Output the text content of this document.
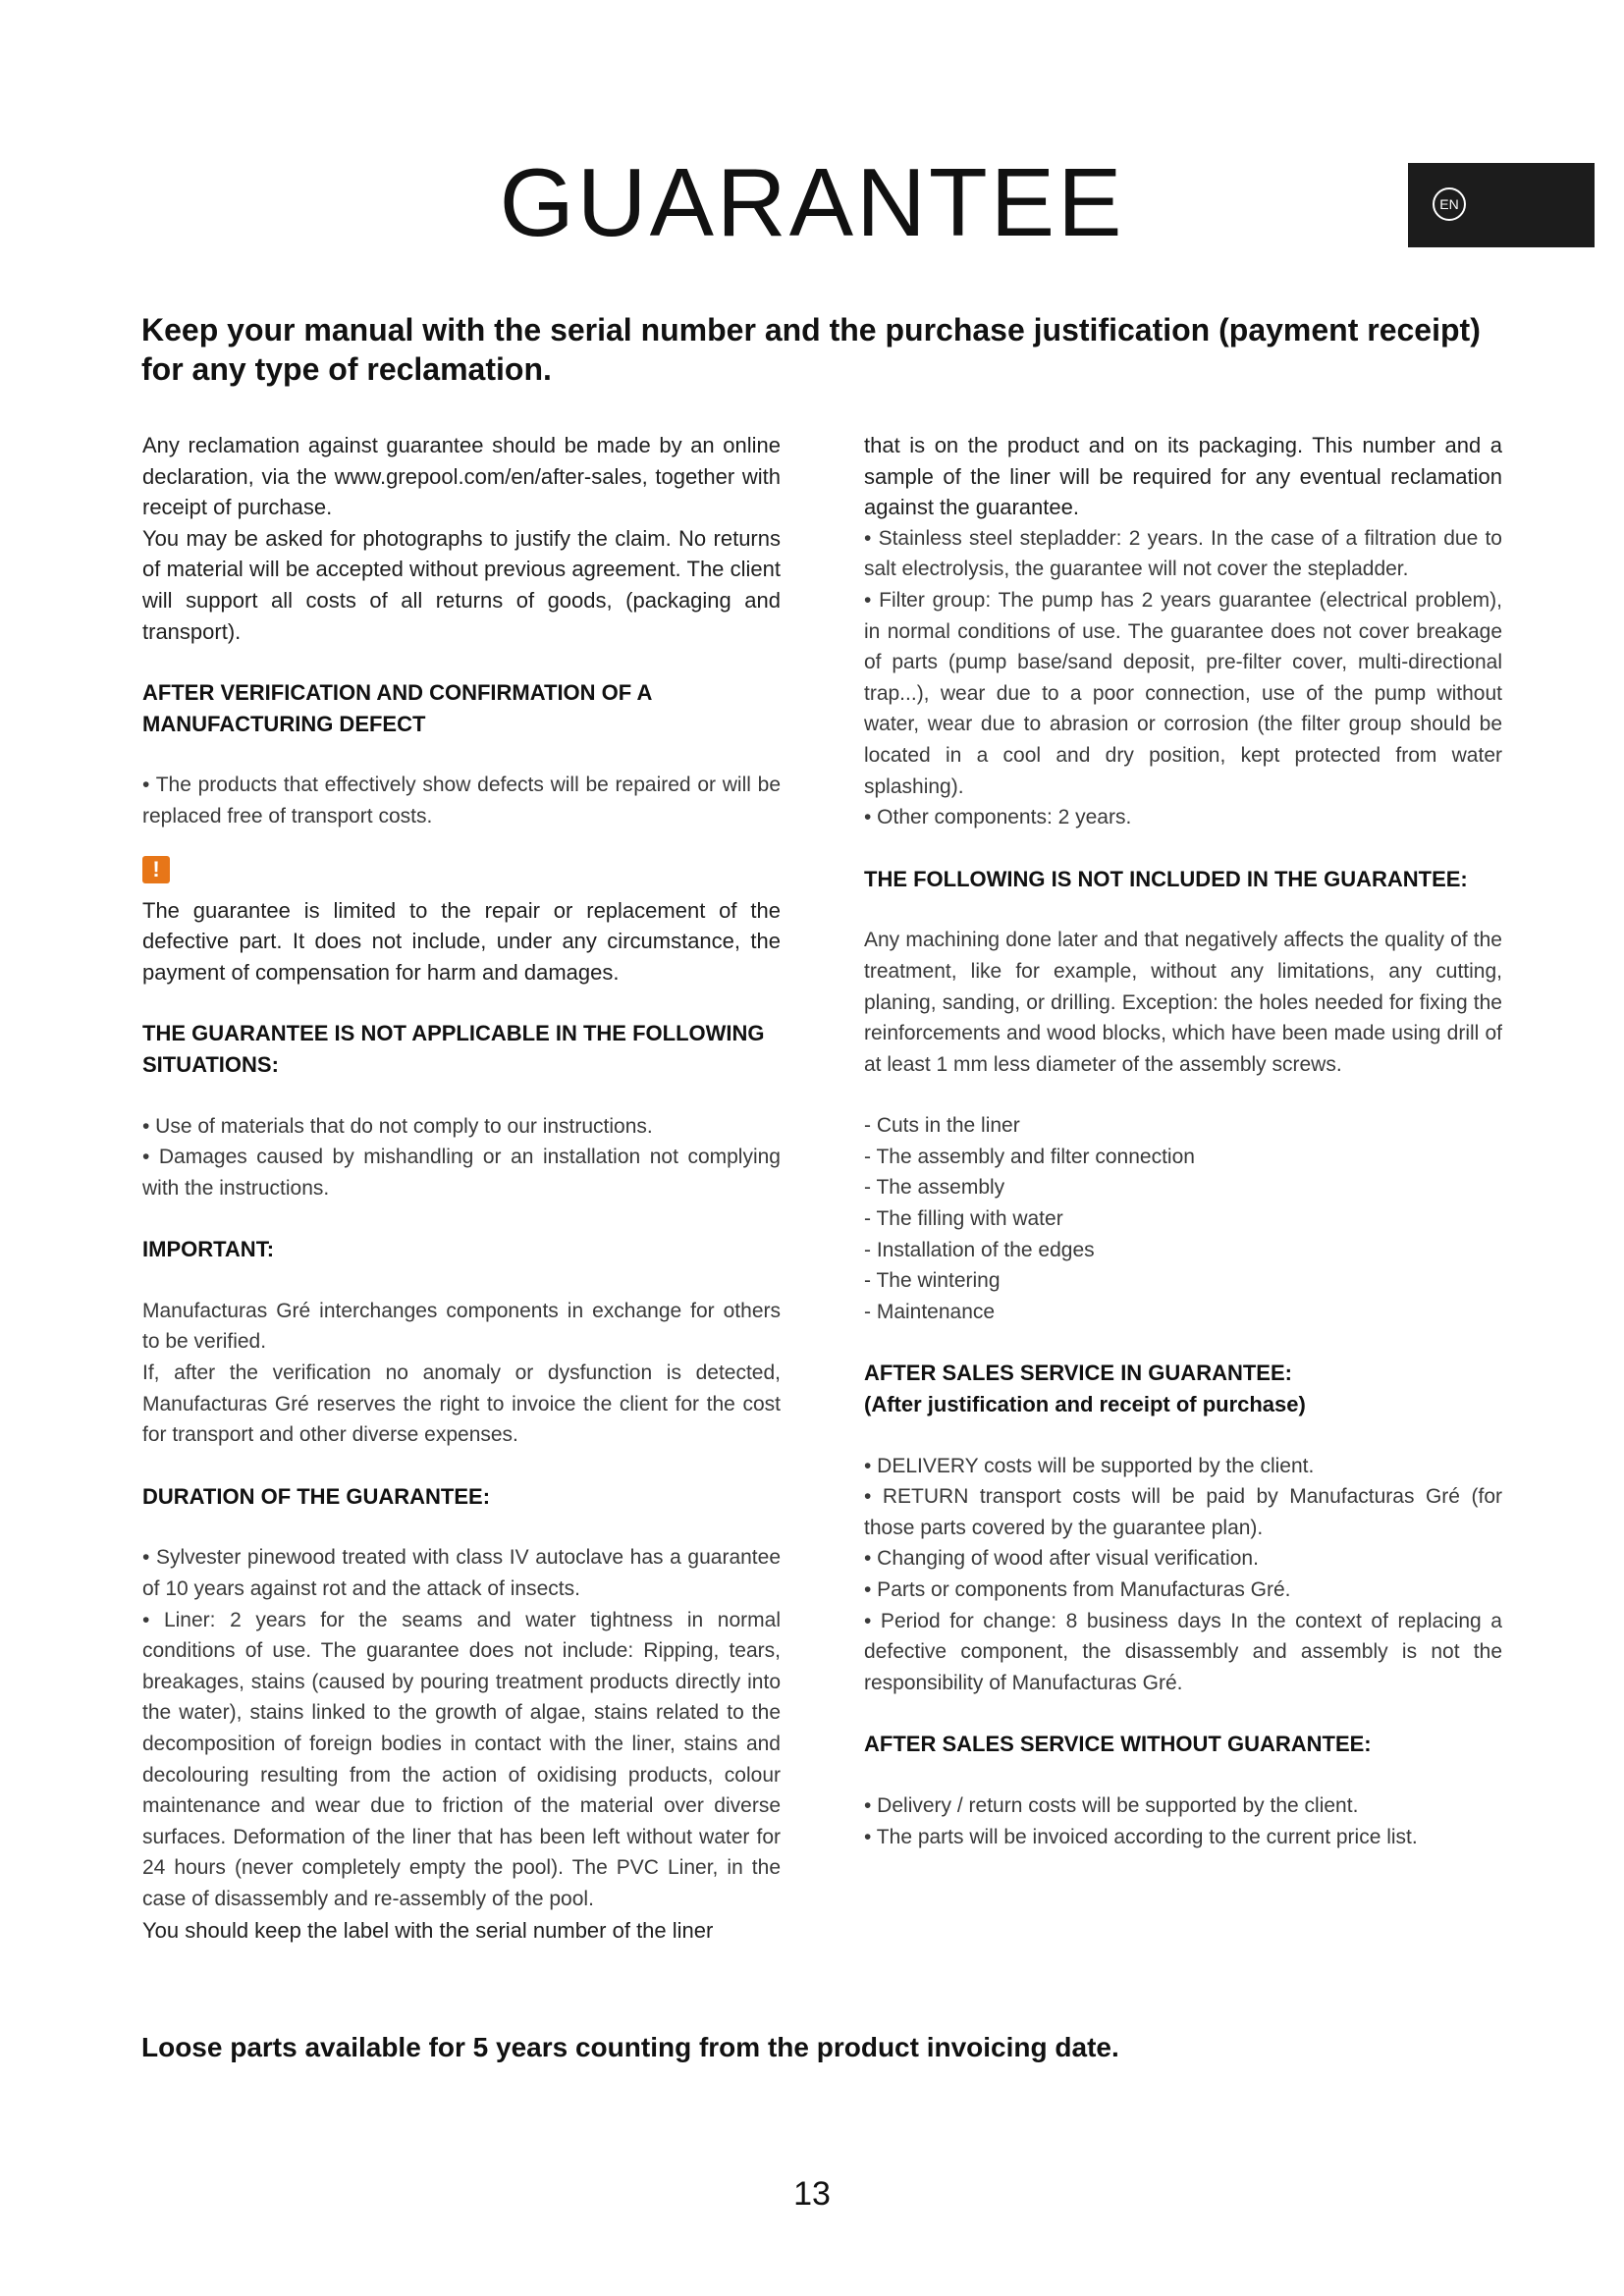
GUARANTEE	EN
Keep your manual with the serial number and the purchase justification (payment receipt) for any type of reclamation.

Any reclamation against guarantee should be made by an online declaration, via the www.grepool.com/en/after-sales, together with receipt of purchase.

You may be asked for photographs to justify the claim. No returns of material will be accepted without previous agreement. The client will support all costs of all returns of goods, (packaging and transport).

AFTER VERIFICATION AND CONFIRMATION OF A MANUFACTURING DEFECT

• The products that effectively show defects will be repaired or will be replaced free of transport costs.

!

The guarantee is limited to the repair or replacement of the defective part. It does not include, under any circumstance, the payment of compensation for harm and damages.

THE GUARANTEE IS NOT APPLICABLE IN THE FOLLOWING SITUATIONS:

• Use of materials that do not comply to our instructions.

• Damages caused by mishandling or an installation not complying with the instructions.

IMPORTANT:

Manufacturas Gré interchanges components in exchange for others to be verified.

If, after the verification no anomaly or dysfunction is detected, Manufacturas Gré reserves the right to invoice the client for the cost for transport and other diverse expenses.

DURATION OF THE GUARANTEE:

• Sylvester pinewood treated with class IV autoclave has a guarantee of 10 years against rot and the attack of insects.

• Liner: 2 years for the seams and water tightness in normal conditions of use. The guarantee does not include: Ripping, tears, breakages, stains (caused by pouring treatment products directly into the water), stains linked to the growth of algae, stains related to the decomposition of foreign bodies in contact with the liner, stains and decolouring resulting from the action of oxidising products, colour maintenance and wear due to friction of the material over diverse surfaces. Deformation of the liner that has been left without water for 24 hours (never completely empty the pool). The PVC Liner, in the case of disassembly and re-assembly of the pool.

You should keep the label with the serial number of the liner

that is on the product and on its packaging. This number and a sample of the liner will be required for any eventual reclamation against the guarantee.

• Stainless steel stepladder: 2 years. In the case of a filtration due to salt electrolysis, the guarantee will not cover the stepladder.

• Filter group: The pump has 2 years guarantee (electrical problem), in normal conditions of use. The guarantee does not cover breakage of parts (pump base/sand deposit, pre-filter cover, multi-directional trap...), wear due to a poor connection, use of the pump without water, wear due to abrasion or corrosion (the filter group should be located in a cool and dry position, kept protected from water splashing).

• Other components: 2 years.

THE FOLLOWING IS NOT INCLUDED IN THE GUARANTEE:

Any machining done later and that negatively affects the quality of the treatment, like for example, without any limitations, any cutting, planing, sanding, or drilling. Exception: the holes needed for fixing the reinforcements and wood blocks, which have been made using drill of at least 1 mm less diameter of the assembly screws.

- Cuts in the liner
- The assembly and filter connection
- The assembly
- The filling with water
- Installation of the edges
- The wintering
- Maintenance
AFTER SALES SERVICE IN GUARANTEE:
(After justification and receipt of purchase)

• DELIVERY costs will be supported by the client.

• RETURN transport costs will be paid by Manufacturas Gré (for those parts covered by the guarantee plan).

• Changing of wood after visual verification.

• Parts or components from Manufacturas Gré.

• Period for change: 8 business days In the context of replacing a defective component, the disassembly and assembly is not the responsibility of Manufacturas Gré.

AFTER SALES SERVICE WITHOUT GUARANTEE:

• Delivery / return costs will be supported by the client.

• The parts will be invoiced according to the current price list.

Loose parts available for 5 years counting from the product invoicing date.
13
